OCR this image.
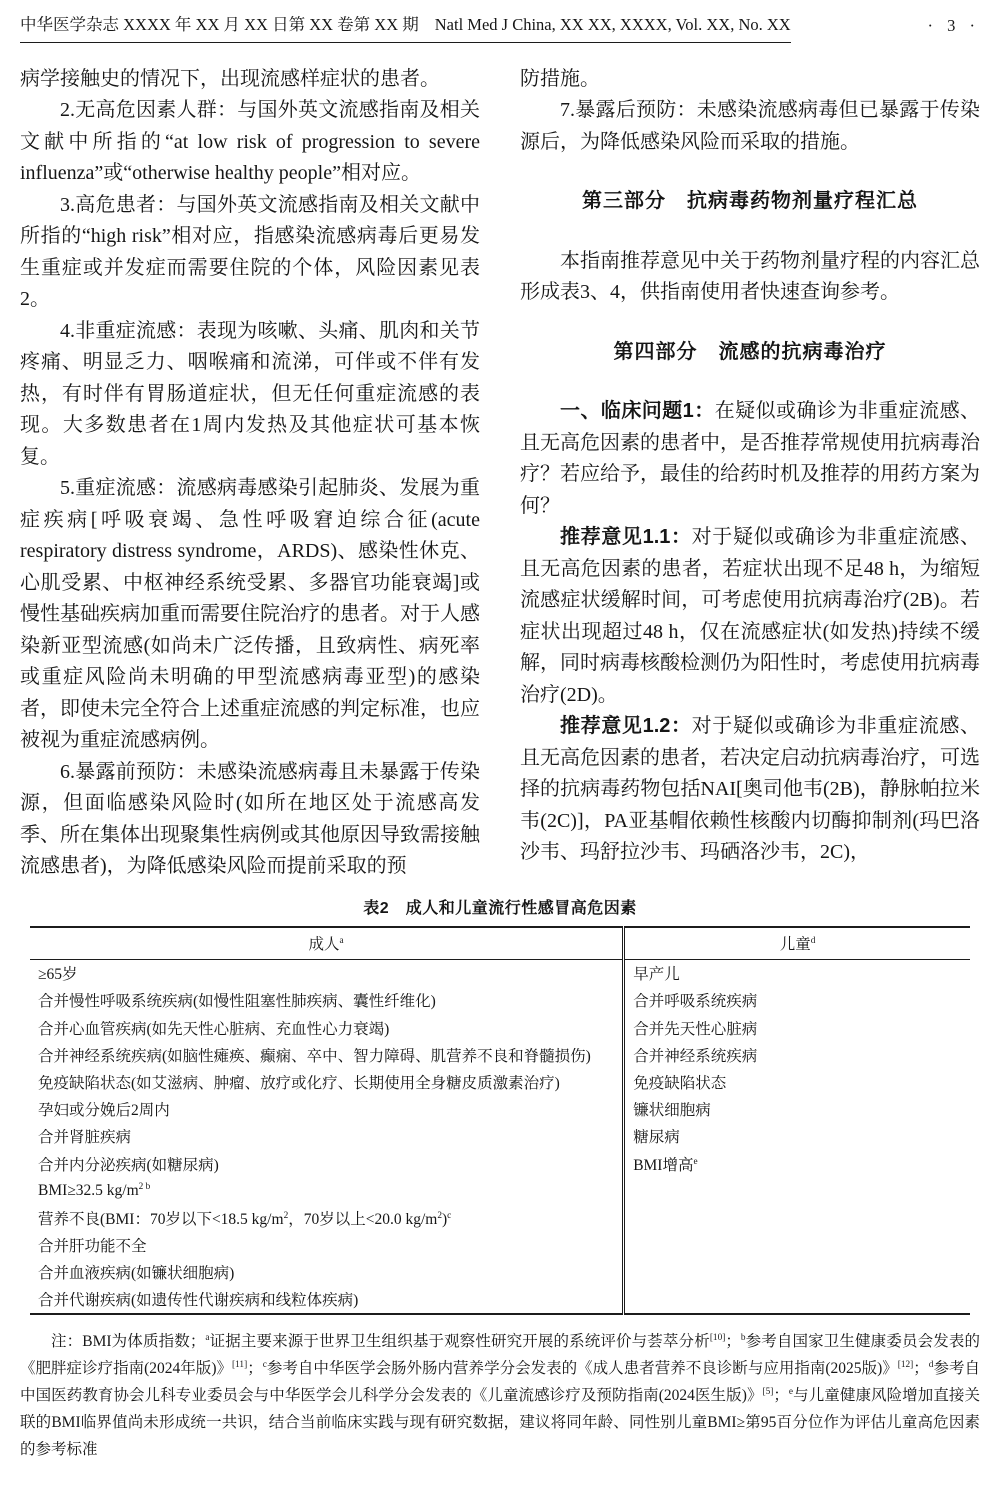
中华医学杂志 XXXX 年 XX 月 XX 日第 XX 卷第 XX 期 Natl Med J China, XX XX, XXXX, Vol. XX, No. XX	· 3 ·

病学接触史的情况下，出现流感样症状的患者。

2.无高危因素人群：与国外英文流感指南及相关文献中所指的“at low risk of progression to severe influenza”或“otherwise healthy people”相对应。

3.高危患者：与国外英文流感指南及相关文献中所指的“high risk”相对应，指感染流感病毒后更易发生重症或并发症而需要住院的个体，风险因素见表2。

4.非重症流感：表现为咳嗽、头痛、肌肉和关节疼痛、明显乏力、咽喉痛和流涕，可伴或不伴有发热，有时伴有胃肠道症状，但无任何重症流感的表现。大多数患者在1周内发热及其他症状可基本恢复。

5.重症流感：流感病毒感染引起肺炎、发展为重症疾病[呼吸衰竭、急性呼吸窘迫综合征(acute respiratory distress syndrome，ARDS)、感染性休克、心肌受累、中枢神经系统受累、多器官功能衰竭]或慢性基础疾病加重而需要住院治疗的患者。对于人感染新亚型流感(如尚未广泛传播，且致病性、病死率或重症风险尚未明确的甲型流感病毒亚型)的感染者，即使未完全符合上述重症流感的判定标准，也应被视为重症流感病例。

6.暴露前预防：未感染流感病毒且未暴露于传染源，但面临感染风险时(如所在地区处于流感高发季、所在集体出现聚集性病例或其他原因导致需接触流感患者)，为降低感染风险而提前采取的预

防措施。

7.暴露后预防：未感染流感病毒但已暴露于传染源后，为降低感染风险而采取的措施。

第三部分　抗病毒药物剂量疗程汇总

本指南推荐意见中关于药物剂量疗程的内容汇总形成表3、4，供指南使用者快速查询参考。

第四部分　流感的抗病毒治疗

一、临床问题1：在疑似或确诊为非重症流感、且无高危因素的患者中，是否推荐常规使用抗病毒治疗？若应给予，最佳的给药时机及推荐的用药方案为何？

推荐意见1.1：对于疑似或确诊为非重症流感、且无高危因素的患者，若症状出现不足48 h，为缩短流感症状缓解时间，可考虑使用抗病毒治疗(2B)。若症状出现超过48 h，仅在流感症状(如发热)持续不缓解，同时病毒核酸检测仍为阳性时，考虑使用抗病毒治疗(2D)。

推荐意见1.2：对于疑似或确诊为非重症流感、且无高危因素的患者，若决定启动抗病毒治疗，可选择的抗病毒药物包括NAI[奥司他韦(2B)，静脉帕拉米韦(2C)]，PA亚基帽依赖性核酸内切酶抑制剂(玛巴洛沙韦、玛舒拉沙韦、玛硒洛沙韦，2C)，

表2　成人和儿童流行性感冒高危因素
成人$^a$	儿童$^d$
≥65岁	早产儿
合并慢性呼吸系统疾病(如慢性阻塞性肺疾病、囊性纤维化)	合并呼吸系统疾病
合并心血管疾病(如先天性心脏病、充血性心力衰竭)	合并先天性心脏病
合并神经系统疾病(如脑性瘫痪、癫痫、卒中、智力障碍、肌营养不良和脊髓损伤)	合并神经系统疾病
免疫缺陷状态(如艾滋病、肿瘤、放疗或化疗、长期使用全身糖皮质激素治疗)	免疫缺陷状态
孕妇或分娩后2周内	镰状细胞病
合并肾脏疾病	糖尿病
合并内分泌疾病(如糖尿病)	BMI增高$^e$
BMI≥32.5 $kg/m^{2 b}$	
营养不良(BMI：70岁以下<18.5 $kg/m^2$，70岁以上<20.0 $kg/m^2)^c$	
合并肝功能不全	
合并血液疾病(如镰状细胞病)	
合并代谢疾病(如遗传性代谢疾病和线粒体疾病)	

注：BMI为体质指数；$^a$证据主要来源于世界卫生组织基于观察性研究开展的系统评价与荟萃分析[10]；$^b$参考自国家卫生健康委员会发表的《肥胖症诊疗指南(2024年版)》[11]；$^c$参考自中华医学会肠外肠内营养学分会发表的《成人患者营养不良诊断与应用指南(2025版)》[12]；$^d$参考自中国医药教育协会儿科专业委员会与中华医学会儿科学分会发表的《儿童流感诊疗及预防指南(2024医生版)》[5]；$^e$与儿童健康风险增加直接关联的BMI临界值尚未形成统一共识，结合当前临床实践与现有研究数据，建议将同年龄、同性别儿童BMI≥第95百分位作为评估儿童高危因素的参考标准
